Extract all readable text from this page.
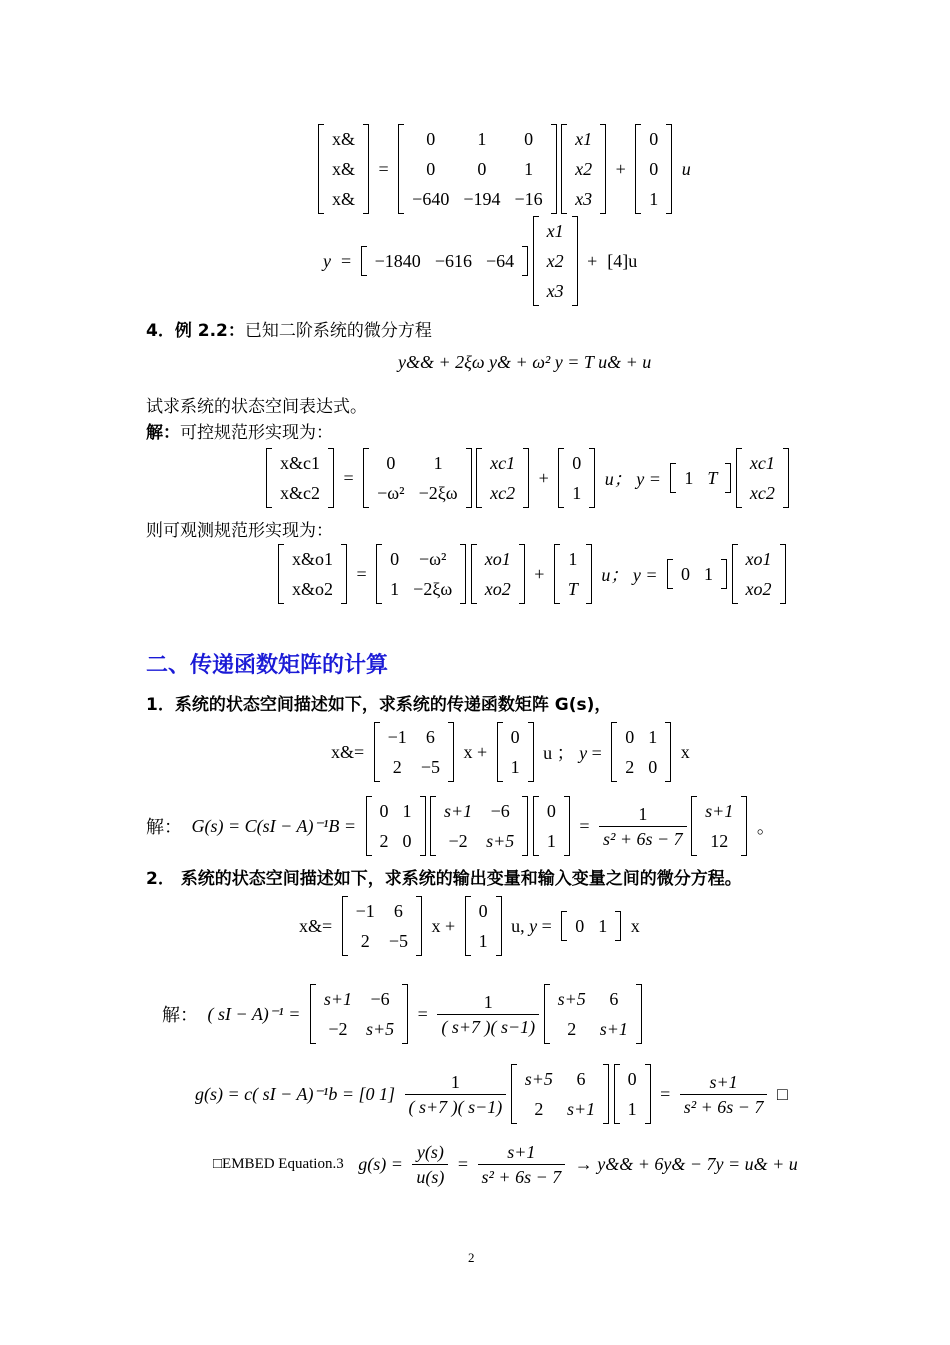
x&
x&
x&
=
0	1	0
0	0	1
−640	−194	−16

x1
x2
x3
+
0
0
1
u
y = −1840	−616	−64

x1
x2
x3
+ [4]u
4．例 2.2：已知二阶系统的微分方程
y&& + 2ξω y& + ω² y = T u& + u
试求系统的状态空间表达式。
解：可控规范形实现为：
x&c1
x&c2
=
0	1
−ω²	−2ξω

xc1
xc2
+
0
1
u； y = 1	T

xc1
xc2
则可观测规范形实现为：
x&o1
x&o2
=
0	−ω²
1	−2ξω

xo1
xo2
+
1
T
u； y = 0	1

xo1
xo2
二、传递函数矩阵的计算
1．系统的状态空间描述如下，求系统的传递函数矩阵 G(s)，
x&=
−1	6
2	−5
x +
0
1
u ； y =
0	1
2	0
x
解： G(s) = C(sI − A)⁻¹B =
0	1
2	0

s+1	−6
−2	s+5

0
1
= $\frac{1}{\text{s² + 6s − 7}}$
s+1
12
。
2． 系统的状态空间描述如下，求系统的输出变量和输入变量之间的微分方程。
x&=
−1	6
2	−5
x +
0
1
u, y = 0	1 x
解： ( sI − A)⁻¹ =
s+1	−6
−2	s+5
= $\frac{1}{( s+7 )( s-1)}$
s+5	6
2	s+1
g(s) = c( sI − A)⁻¹b = [0 $1] \frac{1}{( s+7 )( s-1)}$
s+5	6
2	s+1

0
1
= $\frac{s+1}{\text{s² + 6s − 7}}$ □
□EMBED Equation.3 $g(s) = \frac{y(s)}{u(s)} = \frac{s+1}{\text{s² + 6s − 7}}$ → y&& + 6y& − 7y = u& + u
2
